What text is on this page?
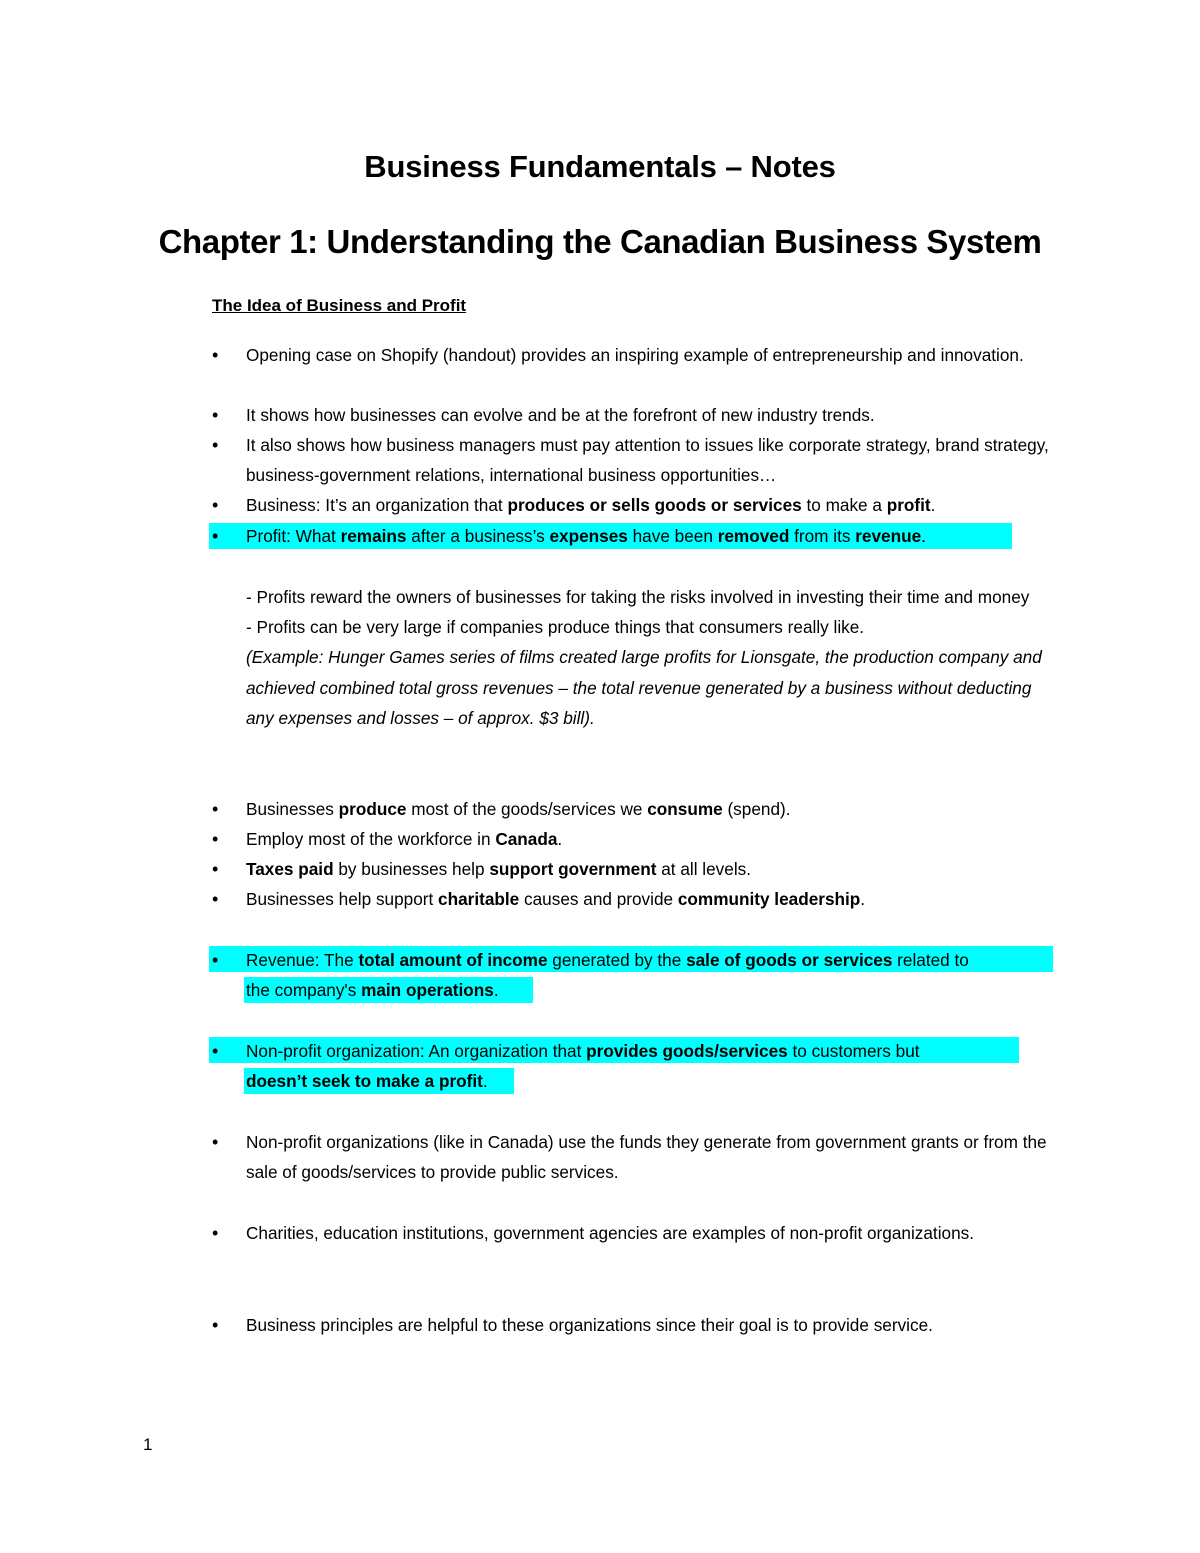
Business Fundamentals – Notes
Chapter 1: Understanding the Canadian Business System
The Idea of Business and Profit
•	Opening case on Shopify (handout) provides an inspiring example of entrepreneurship and innovation.
•	It shows how businesses can evolve and be at the forefront of new industry trends.
•	It also shows how business managers must pay attention to issues like corporate strategy, brand strategy, business-government relations, international business opportunities…
•	Business: It’s an organization that produces or sells goods or services to make a profit.
•	Profit: What remains after a business’s expenses have been removed from its revenue.
- Profits reward the owners of businesses for taking the risks involved in investing their time and money
- Profits can be very large if companies produce things that consumers really like.
(Example: Hunger Games series of films created large profits for Lionsgate, the production company and achieved combined total gross revenues – the total revenue generated by a business without deducting any expenses and losses – of approx. $3 bill).
•	Businesses produce most of the goods/services we consume (spend).
•	Employ most of the workforce in Canada.
•	Taxes paid by businesses help support government at all levels.
•	Businesses help support charitable causes and provide community leadership.
•	Revenue: The total amount of income generated by the sale of goods or services related to
the company's main operations.
•	Non-profit organization: An organization that provides goods/services to customers but
doesn’t seek to make a profit.
•	Non-profit organizations (like in Canada) use the funds they generate from government grants or from the sale of goods/services to provide public services.
•	Charities, education institutions, government agencies are examples of non-profit organizations.
•	Business principles are helpful to these organizations since their goal is to provide service.
1
